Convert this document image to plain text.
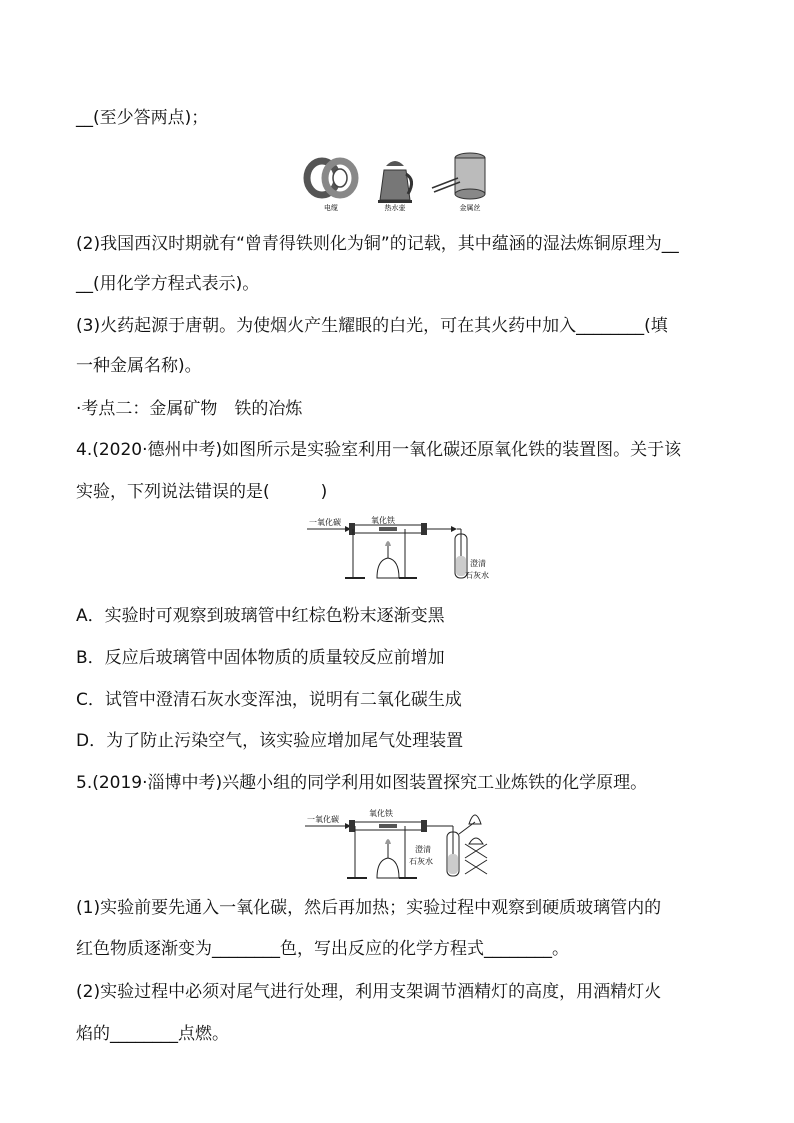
__(至少答两点)；
电缆	热水壶	金属丝
(2)我国西汉时期就有“曾青得铁则化为铜”的记载，其中蕴涵的湿法炼铜原理为__
__(用化学方程式表示)。
(3)火药起源于唐朝。为使烟火产生耀眼的白光，可在其火药中加入________(填
一种金属名称)。
·考点二：金属矿物　铁的冶炼
4.(2020·德州中考)如图所示是实验室利用一氧化碳还原氧化铁的装置图。关于该
实验，下列说法错误的是(　　　)
一氧化碳	氧化铁
澄清
石灰水
A．实验时可观察到玻璃管中红棕色粉末逐渐变黑
B．反应后玻璃管中固体物质的质量较反应前增加
C．试管中澄清石灰水变浑浊，说明有二氧化碳生成
D．为了防止污染空气，该实验应增加尾气处理装置
5.(2019·淄博中考)兴趣小组的同学利用如图装置探究工业炼铁的化学原理。
一氧化碳
氧化铁
澄清
石灰水
(1)实验前要先通入一氧化碳，然后再加热；实验过程中观察到硬质玻璃管内的
红色物质逐渐变为________色，写出反应的化学方程式________。
(2)实验过程中必须对尾气进行处理，利用支架调节酒精灯的高度，用酒精灯火
焰的________点燃。
